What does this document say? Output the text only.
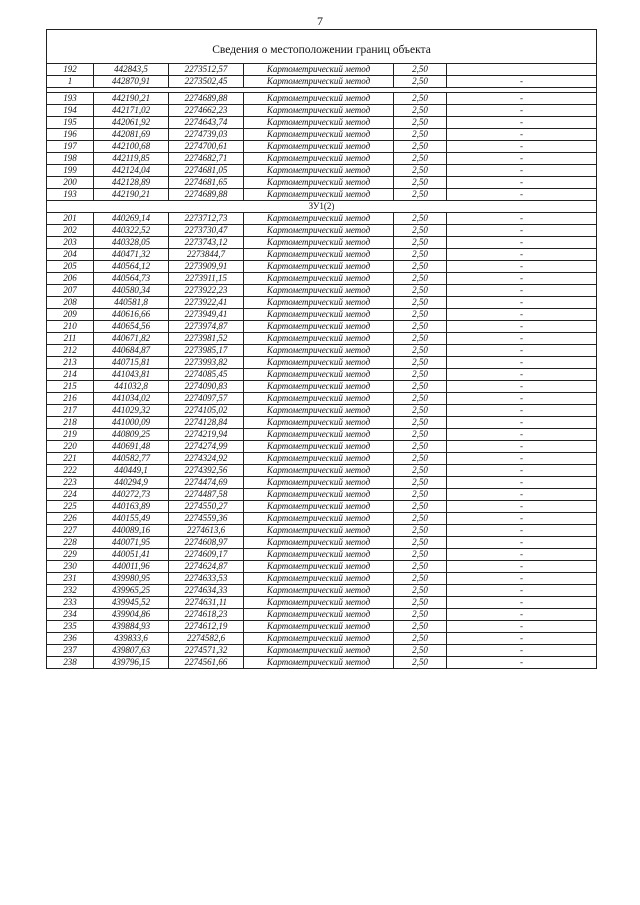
7
Сведения о местоположении границ объекта					
192	442843,5	2273512,57	Картометрический метод	2,50	
1	442870,91	2273502,45	Картометрический метод	2,50	-

193	442190,21	2274689,88	Картометрический метод	2,50	-
194	442171,02	2274662,23	Картометрический метод	2,50	-
195	442061,92	2274643,74	Картометрический метод	2,50	-
196	442081,69	2274739,03	Картометрический метод	2,50	-
197	442100,68	2274700,61	Картометрический метод	2,50	-
198	442119,85	2274682,71	Картометрический метод	2,50	-
199	442124,04	2274681,05	Картометрический метод	2,50	-
200	442128,89	2274681,65	Картометрический метод	2,50	-
193	442190,21	2274689,88	Картометрический метод	2,50	-
ЗУ1(2)					
201	440269,14	2273712,73	Картометрический метод	2,50	-
202	440322,52	2273730,47	Картометрический метод	2,50	-
203	440328,05	2273743,12	Картометрический метод	2,50	-
204	440471,32	2273844,7	Картометрический метод	2,50	-
205	440564,12	2273909,91	Картометрический метод	2,50	-
206	440564,73	2273911,15	Картометрический метод	2,50	-
207	440580,34	2273922,23	Картометрический метод	2,50	-
208	440581,8	2273922,41	Картометрический метод	2,50	-
209	440616,66	2273949,41	Картометрический метод	2,50	-
210	440654,56	2273974,87	Картометрический метод	2,50	-
211	440671,82	2273981,52	Картометрический метод	2,50	-
212	440684,87	2273985,17	Картометрический метод	2,50	-
213	440715,81	2273993,82	Картометрический метод	2,50	-
214	441043,81	2274085,45	Картометрический метод	2,50	-
215	441032,8	2274090,83	Картометрический метод	2,50	-
216	441034,02	2274097,57	Картометрический метод	2,50	-
217	441029,32	2274105,02	Картометрический метод	2,50	-
218	441000,09	2274128,84	Картометрический метод	2,50	-
219	440809,25	2274219,94	Картометрический метод	2,50	-
220	440691,48	2274274,99	Картометрический метод	2,50	-
221	440582,77	2274324,92	Картометрический метод	2,50	-
222	440449,1	2274392,56	Картометрический метод	2,50	-
223	440294,9	2274474,69	Картометрический метод	2,50	-
224	440272,73	2274487,58	Картометрический метод	2,50	-
225	440163,89	2274550,27	Картометрический метод	2,50	-
226	440155,49	2274559,36	Картометрический метод	2,50	-
227	440089,16	2274613,6	Картометрический метод	2,50	-
228	440071,95	2274608,97	Картометрический метод	2,50	-
229	440051,41	2274609,17	Картометрический метод	2,50	-
230	440011,96	2274624,87	Картометрический метод	2,50	-
231	439980,95	2274633,53	Картометрический метод	2,50	-
232	439965,25	2274634,33	Картометрический метод	2,50	-
233	439945,52	2274631,11	Картометрический метод	2,50	-
234	439904,86	2274618,23	Картометрический метод	2,50	-
235	439884,93	2274612,19	Картометрический метод	2,50	-
236	439833,6	2274582,6	Картометрический метод	2,50	-
237	439807,63	2274571,32	Картометрический метод	2,50	-
238	439796,15	2274561,66	Картометрический метод	2,50	-
